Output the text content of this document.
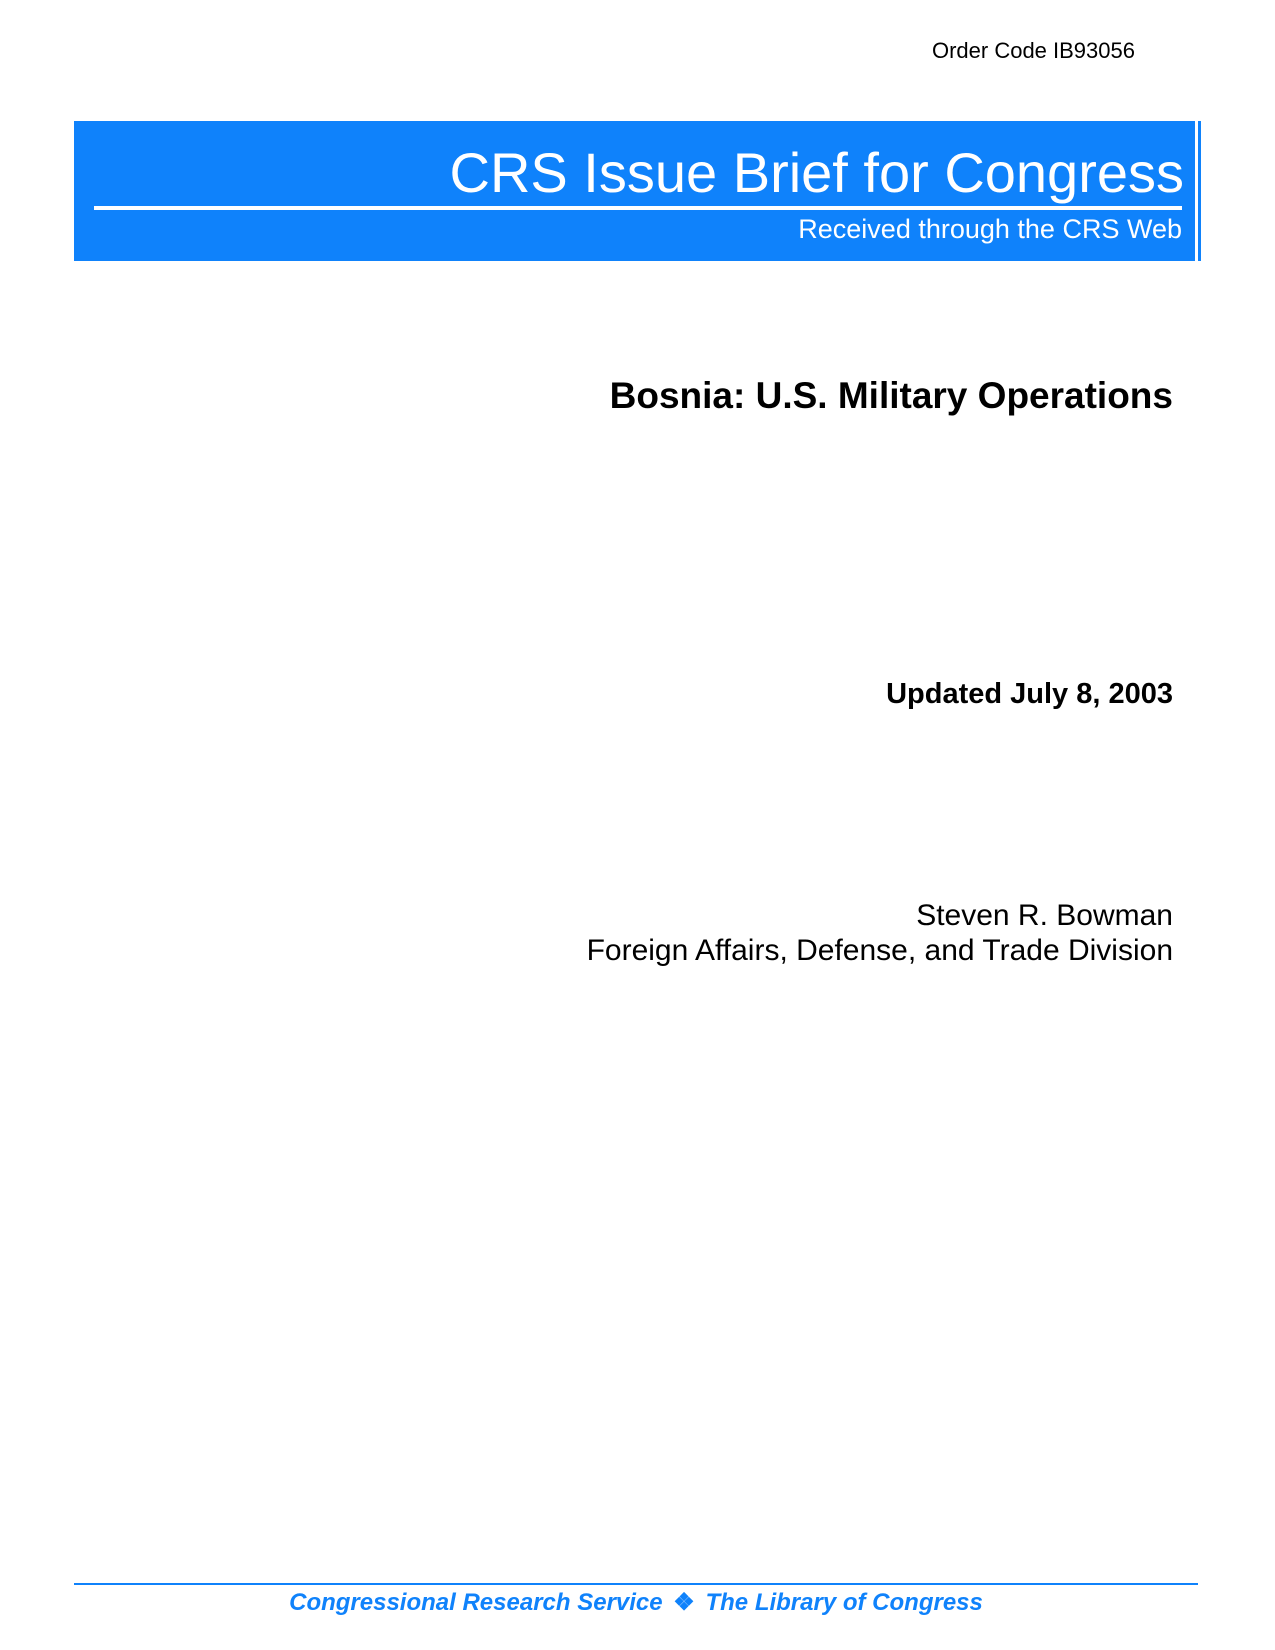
Order Code IB93056
CRS Issue Brief for Congress
Received through the CRS Web
Bosnia: U.S. Military Operations
Updated July 8, 2003
Steven R. Bowman
Foreign Affairs, Defense, and Trade Division
Congressional Research Service ❖ The Library of Congress
